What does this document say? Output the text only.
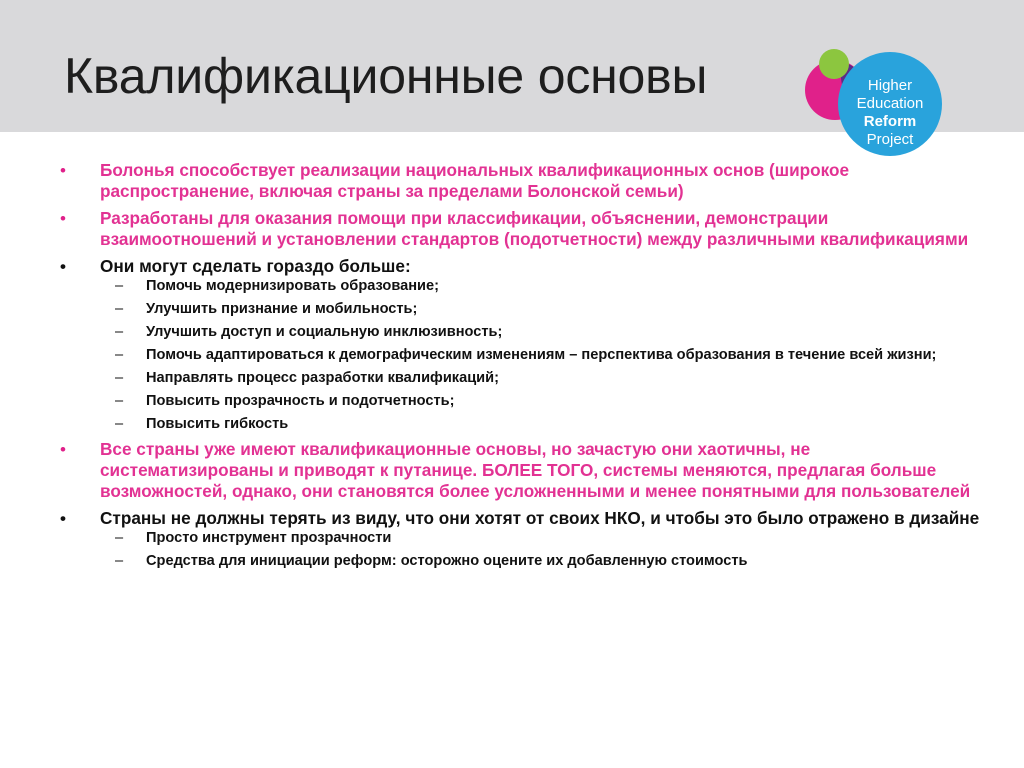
Квалификационные основы	Higher
Education
Reform
Project
•	Болонья способствует реализации национальных квалификационных основ (широкое распространение, включая страны за пределами Болонской семьи)
•	Разработаны для оказания помощи при классификации, объяснении, демонстрации взаимоотношений и установлении стандартов (подотчетности) между различными квалификациями
•	Они могут сделать гораздо больше:
– Помочь модернизировать образование;
– Улучшить признание и мобильность;
– Улучшить доступ и социальную инклюзивность;
– Помочь адаптироваться к демографическим изменениям – перспектива образования в течение всей жизни;
– Направлять процесс разработки квалификаций;
– Повысить прозрачность и подотчетность;
– Повысить гибкость
•	Все страны уже имеют квалификационные основы, но зачастую они хаотичны, не систематизированы и приводят к путанице. БОЛЕЕ ТОГО, системы меняются, предлагая больше возможностей, однако, они становятся более усложненными и менее понятными для пользователей
•	Страны не должны терять из виду, что они хотят от своих НКО, и чтобы это было отражено в дизайне
– Просто инструмент прозрачности
– Средства для инициации реформ: осторожно оцените их добавленную стоимость
